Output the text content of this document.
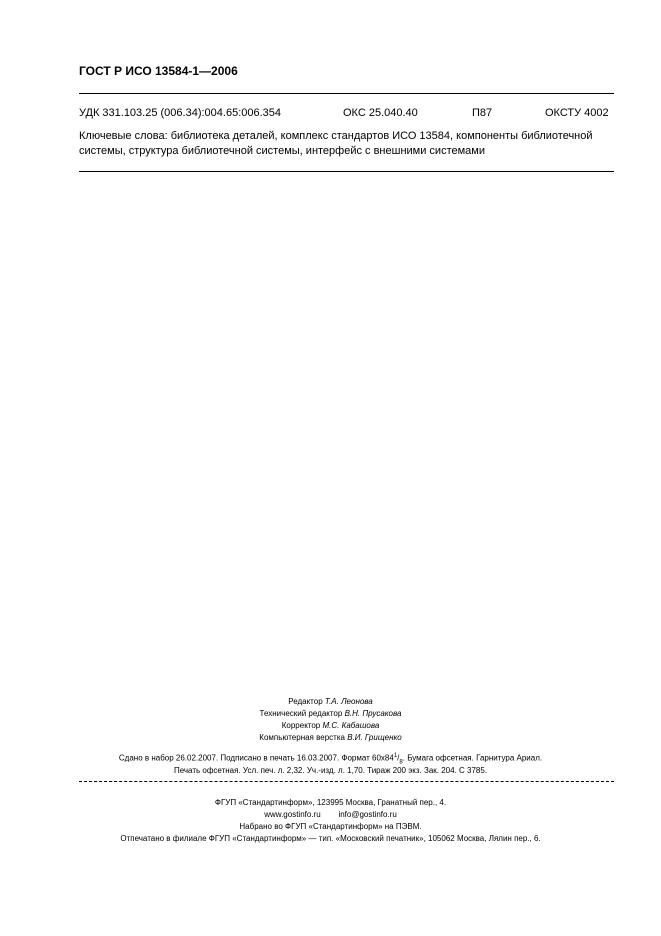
ГОСТ Р ИСО 13584-1—2006
УДК 331.103.25 (006.34):004.65:006.354	ОКС 25.040.40	П87	ОКСТУ 4002
Ключевые слова: библиотека деталей, комплекс стандартов ИСО 13584, компоненты библиотечной системы, структура библиотечной системы, интерфейс с внешними системами
Редактор Т.А. Леонова
Технический редактор В.Н. Прусакова
Корректор М.С. Кабашова
Компьютерная верстка В.И. Грищенко
Сдано в набор 26.02.2007. Подписано в печать 16.03.2007. Формат $60х84^1/_8$. Бумага офсетная. Гарнитура Ариал.
Печать офсетная. Усл. печ. л. 2,32. Уч.-изд. л. 1,70. Тираж 200 экз. Зак. 204. С 3785.
ФГУП «Стандартинформ», 123995 Москва, Гранатный пер., 4.
www.gostinfo.ru info@gostinfo.ru
Набрано во ФГУП «Стандартинформ» на ПЭВМ.
Отпечатано в филиале ФГУП «Стандартинформ» — тип. «Московский печатник», 105062 Москва, Лялин пер., 6.
